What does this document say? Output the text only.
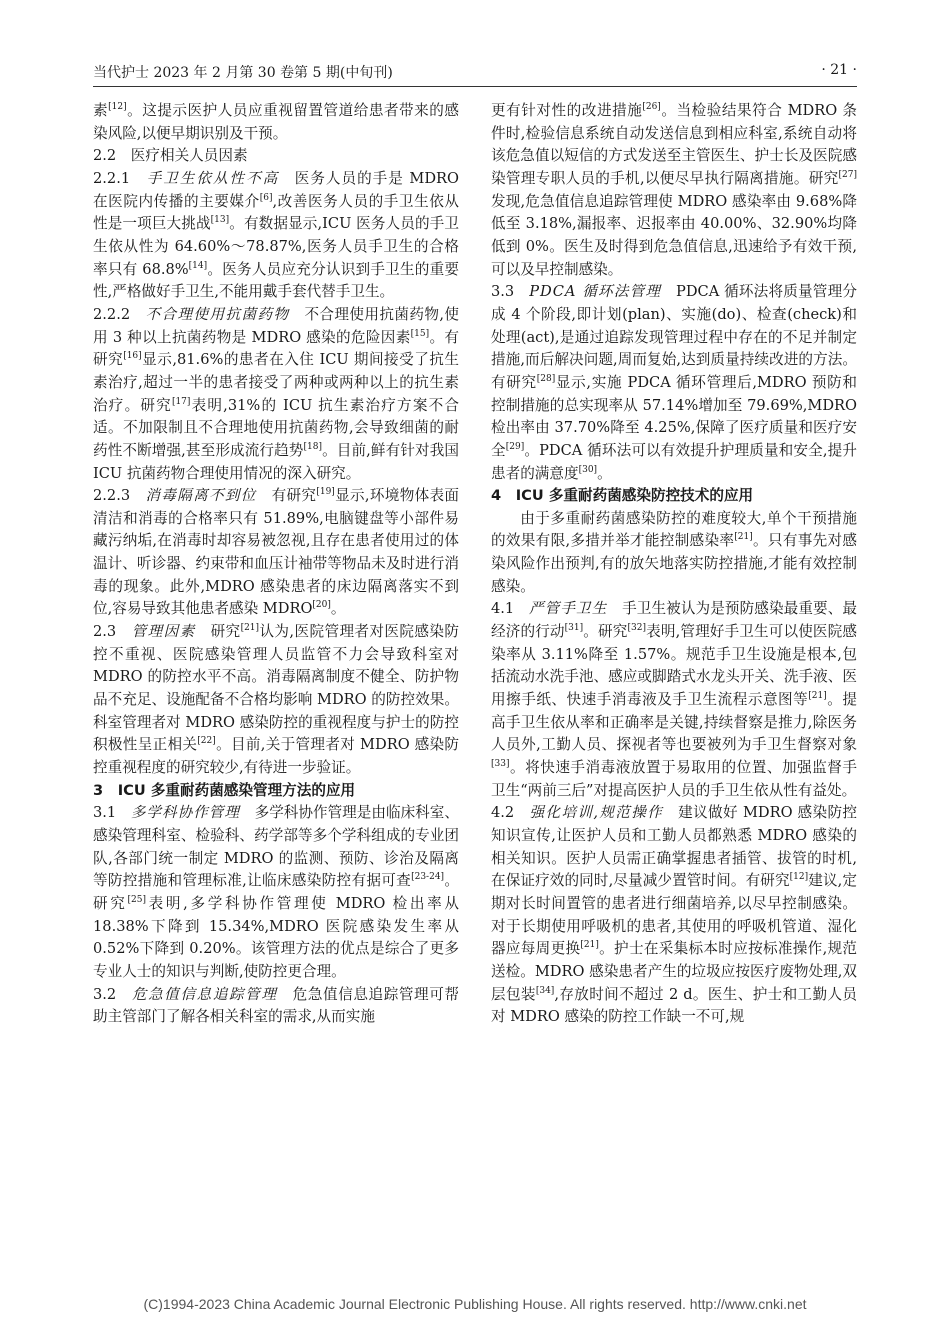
当代护士 2023 年 2 月第 30 卷第 5 期(中旬刊)	· 21 ·

素[12]。这提示医护人员应重视留置管道给患者带来的感染风险,以便早期识别及干预。

2.2　医疗相关人员因素

2.2.1　手卫生依从性不高　医务人员的手是 MDRO 在医院内传播的主要媒介[6],改善医务人员的手卫生依从性是一项巨大挑战[13]。有数据显示,ICU 医务人员的手卫生依从性为 64.60%～78.87%,医务人员手卫生的合格率只有 68.8%[14]。医务人员应充分认识到手卫生的重要性,严格做好手卫生,不能用戴手套代替手卫生。

2.2.2　不合理使用抗菌药物　不合理使用抗菌药物,使用 3 种以上抗菌药物是 MDRO 感染的危险因素[15]。有研究[16]显示,81.6%的患者在入住 ICU 期间接受了抗生素治疗,超过一半的患者接受了两种或两种以上的抗生素治疗。研究[17]表明,31%的 ICU 抗生素治疗方案不合适。不加限制且不合理地使用抗菌药物,会导致细菌的耐药性不断增强,甚至形成流行趋势[18]。目前,鲜有针对我国 ICU 抗菌药物合理使用情况的深入研究。

2.2.3　消毒隔离不到位　有研究[19]显示,环境物体表面清洁和消毒的合格率只有 51.89%,电脑键盘等小部件易藏污纳垢,在消毒时却容易被忽视,且存在患者使用过的体温计、听诊器、约束带和血压计袖带等物品未及时进行消毒的现象。此外,MDRO 感染患者的床边隔离落实不到位,容易导致其他患者感染 MDRO[20]。

2.3　管理因素　研究[21]认为,医院管理者对医院感染防控不重视、医院感染管理人员监管不力会导致科室对 MDRO 的防控水平不高。消毒隔离制度不健全、防护物品不充足、设施配备不合格均影响 MDRO 的防控效果。科室管理者对 MDRO 感染防控的重视程度与护士的防控积极性呈正相关[22]。目前,关于管理者对 MDRO 感染防控重视程度的研究较少,有待进一步验证。

3　ICU 多重耐药菌感染管理方法的应用

3.1　多学科协作管理　多学科协作管理是由临床科室、感染管理科室、检验科、药学部等多个学科组成的专业团队,各部门统一制定 MDRO 的监测、预防、诊治及隔离等防控措施和管理标准,让临床感染防控有据可查[23-24]。研究[25]表明,多学科协作管理使 MDRO 检出率从 18.38%下降到 15.34%,MDRO 医院感染发生率从 0.52%下降到 0.20%。该管理方法的优点是综合了更多专业人士的知识与判断,使防控更合理。

3.2　危急值信息追踪管理　危急值信息追踪管理可帮助主管部门了解各相关科室的需求,从而实施

更有针对性的改进措施[26]。当检验结果符合 MDRO 条件时,检验信息系统自动发送信息到相应科室,系统自动将该危急值以短信的方式发送至主管医生、护士长及医院感染管理专职人员的手机,以便尽早执行隔离措施。研究[27]发现,危急值信息追踪管理使 MDRO 感染率由 9.68%降低至 3.18%,漏报率、迟报率由 40.00%、32.90%均降低到 0%。医生及时得到危急值信息,迅速给予有效干预,可以及早控制感染。

3.3　PDCA 循环法管理　PDCA 循环法将质量管理分成 4 个阶段,即计划(plan)、实施(do)、检查(check)和处理(act),是通过追踪发现管理过程中存在的不足并制定措施,而后解决问题,周而复始,达到质量持续改进的方法。有研究[28]显示,实施 PDCA 循环管理后,MDRO 预防和控制措施的总实现率从 57.14%增加至 79.69%,MDRO 检出率由 37.70%降至 4.25%,保障了医疗质量和医疗安全[29]。PDCA 循环法可以有效提升护理质量和安全,提升患者的满意度[30]。

4　ICU 多重耐药菌感染防控技术的应用

由于多重耐药菌感染防控的难度较大,单个干预措施的效果有限,多措并举才能控制感染率[21]。只有事先对感染风险作出预判,有的放矢地落实防控措施,才能有效控制感染。

4.1　严管手卫生　手卫生被认为是预防感染最重要、最经济的行动[31]。研究[32]表明,管理好手卫生可以使医院感染率从 3.11%降至 1.57%。规范手卫生设施是根本,包括流动水洗手池、感应或脚踏式水龙头开关、洗手液、医用擦手纸、快速手消毒液及手卫生流程示意图等[21]。提高手卫生依从率和正确率是关键,持续督察是推力,除医务人员外,工勤人员、探视者等也要被列为手卫生督察对象[33]。将快速手消毒液放置于易取用的位置、加强监督手卫生“两前三后”对提高医护人员的手卫生依从性有益处。

4.2　强化培训,规范操作　建议做好 MDRO 感染防控知识宣传,让医护人员和工勤人员都熟悉 MDRO 感染的相关知识。医护人员需正确掌握患者插管、拔管的时机,在保证疗效的同时,尽量减少置管时间。有研究[12]建议,定期对长时间置管的患者进行细菌培养,以尽早控制感染。对于长期使用呼吸机的患者,其使用的呼吸机管道、湿化器应每周更换[21]。护士在采集标本时应按标准操作,规范送检。MDRO 感染患者产生的垃圾应按医疗废物处理,双层包装[34],存放时间不超过 2 d。医生、护士和工勤人员对 MDRO 感染的防控工作缺一不可,规

(C)1994-2023 China Academic Journal Electronic Publishing House. All rights reserved. http://www.cnki.net
